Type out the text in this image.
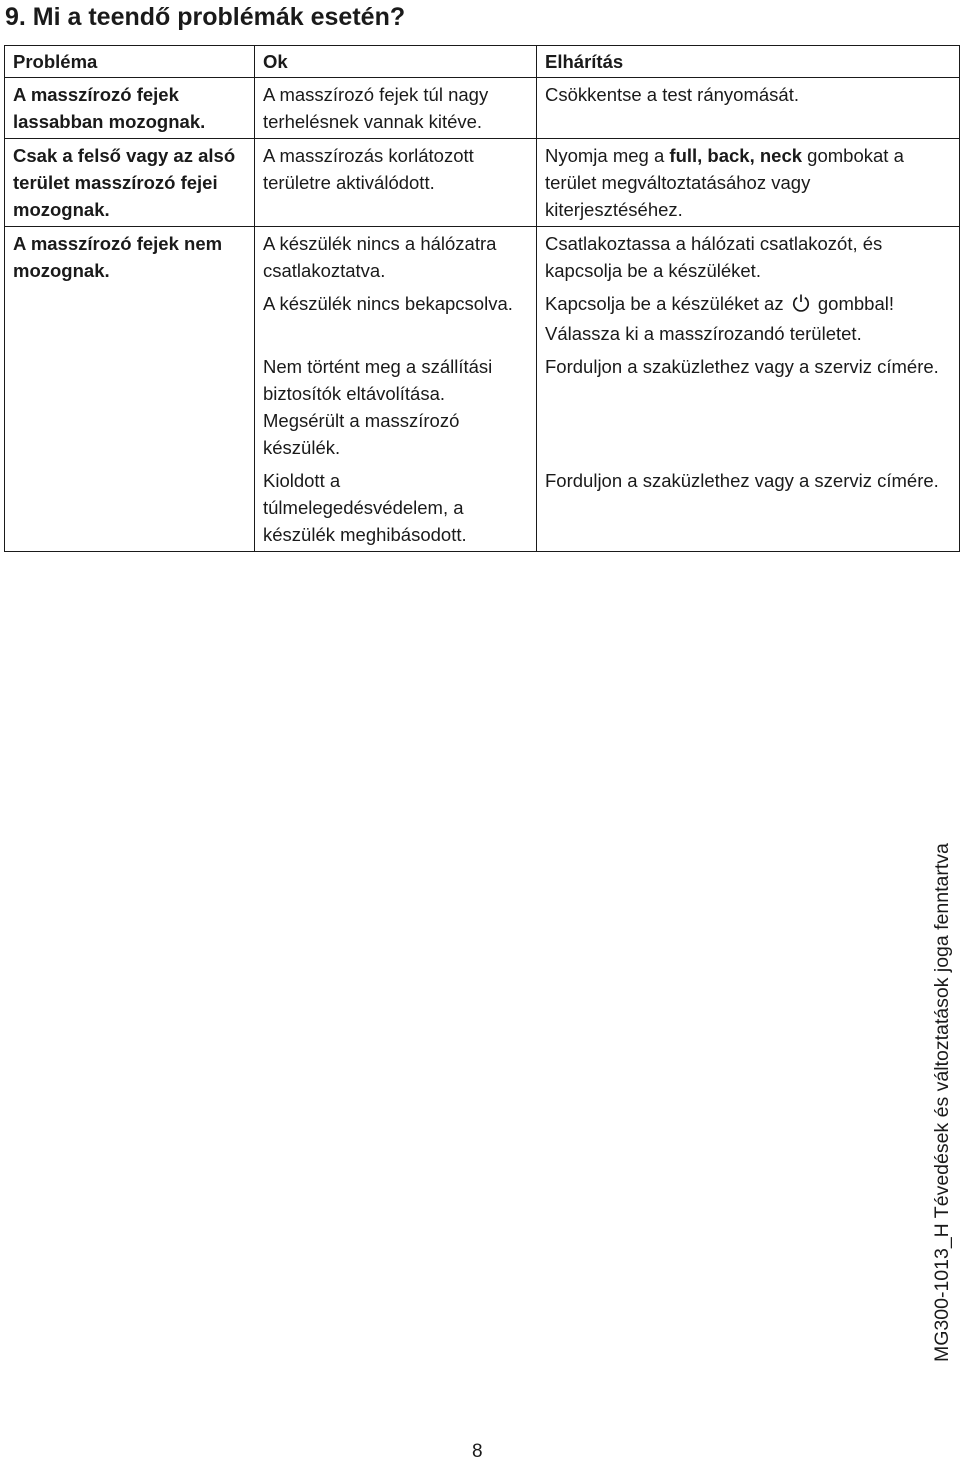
9. Mi a teendő problémák esetén?
Probléma	Ok	Elhárítás
A masszírozó fejek lassabban mozognak.	A masszírozó fejek túl nagy terhelésnek vannak kitéve.	Csökkentse a test rányomását.
Csak a felső vagy az alsó terület masszírozó fejei mozognak.	A masszírozás korlátozott területre aktiválódott.	Nyomja meg a full, back, neck gombokat a terület megváltoztatásához vagy kiterjesztéséhez.
A masszírozó fejek nem mozognak.	A készülék nincs a hálózatra csatlakoztatva.	Csatlakoztassa a hálózati csatlakozót, és kapcsolja be a készüléket.
	A készülék nincs bekapcsolva.	Kapcsolja be a készüléket az  gombbal! Válassza ki a masszírozandó területet.
	Nem történt meg a szállítási biztosítók eltávolítása. Megsérült a masszírozó készülék.	Forduljon a szaküzlethez vagy a szerviz címére.
	Kioldott a túlmelegedésvédelem, a készülék meghibásodott.	Forduljon a szaküzlethez vagy a szerviz címére.
8
MG300-1013_H Tévedések és változtatások joga fenntartva
